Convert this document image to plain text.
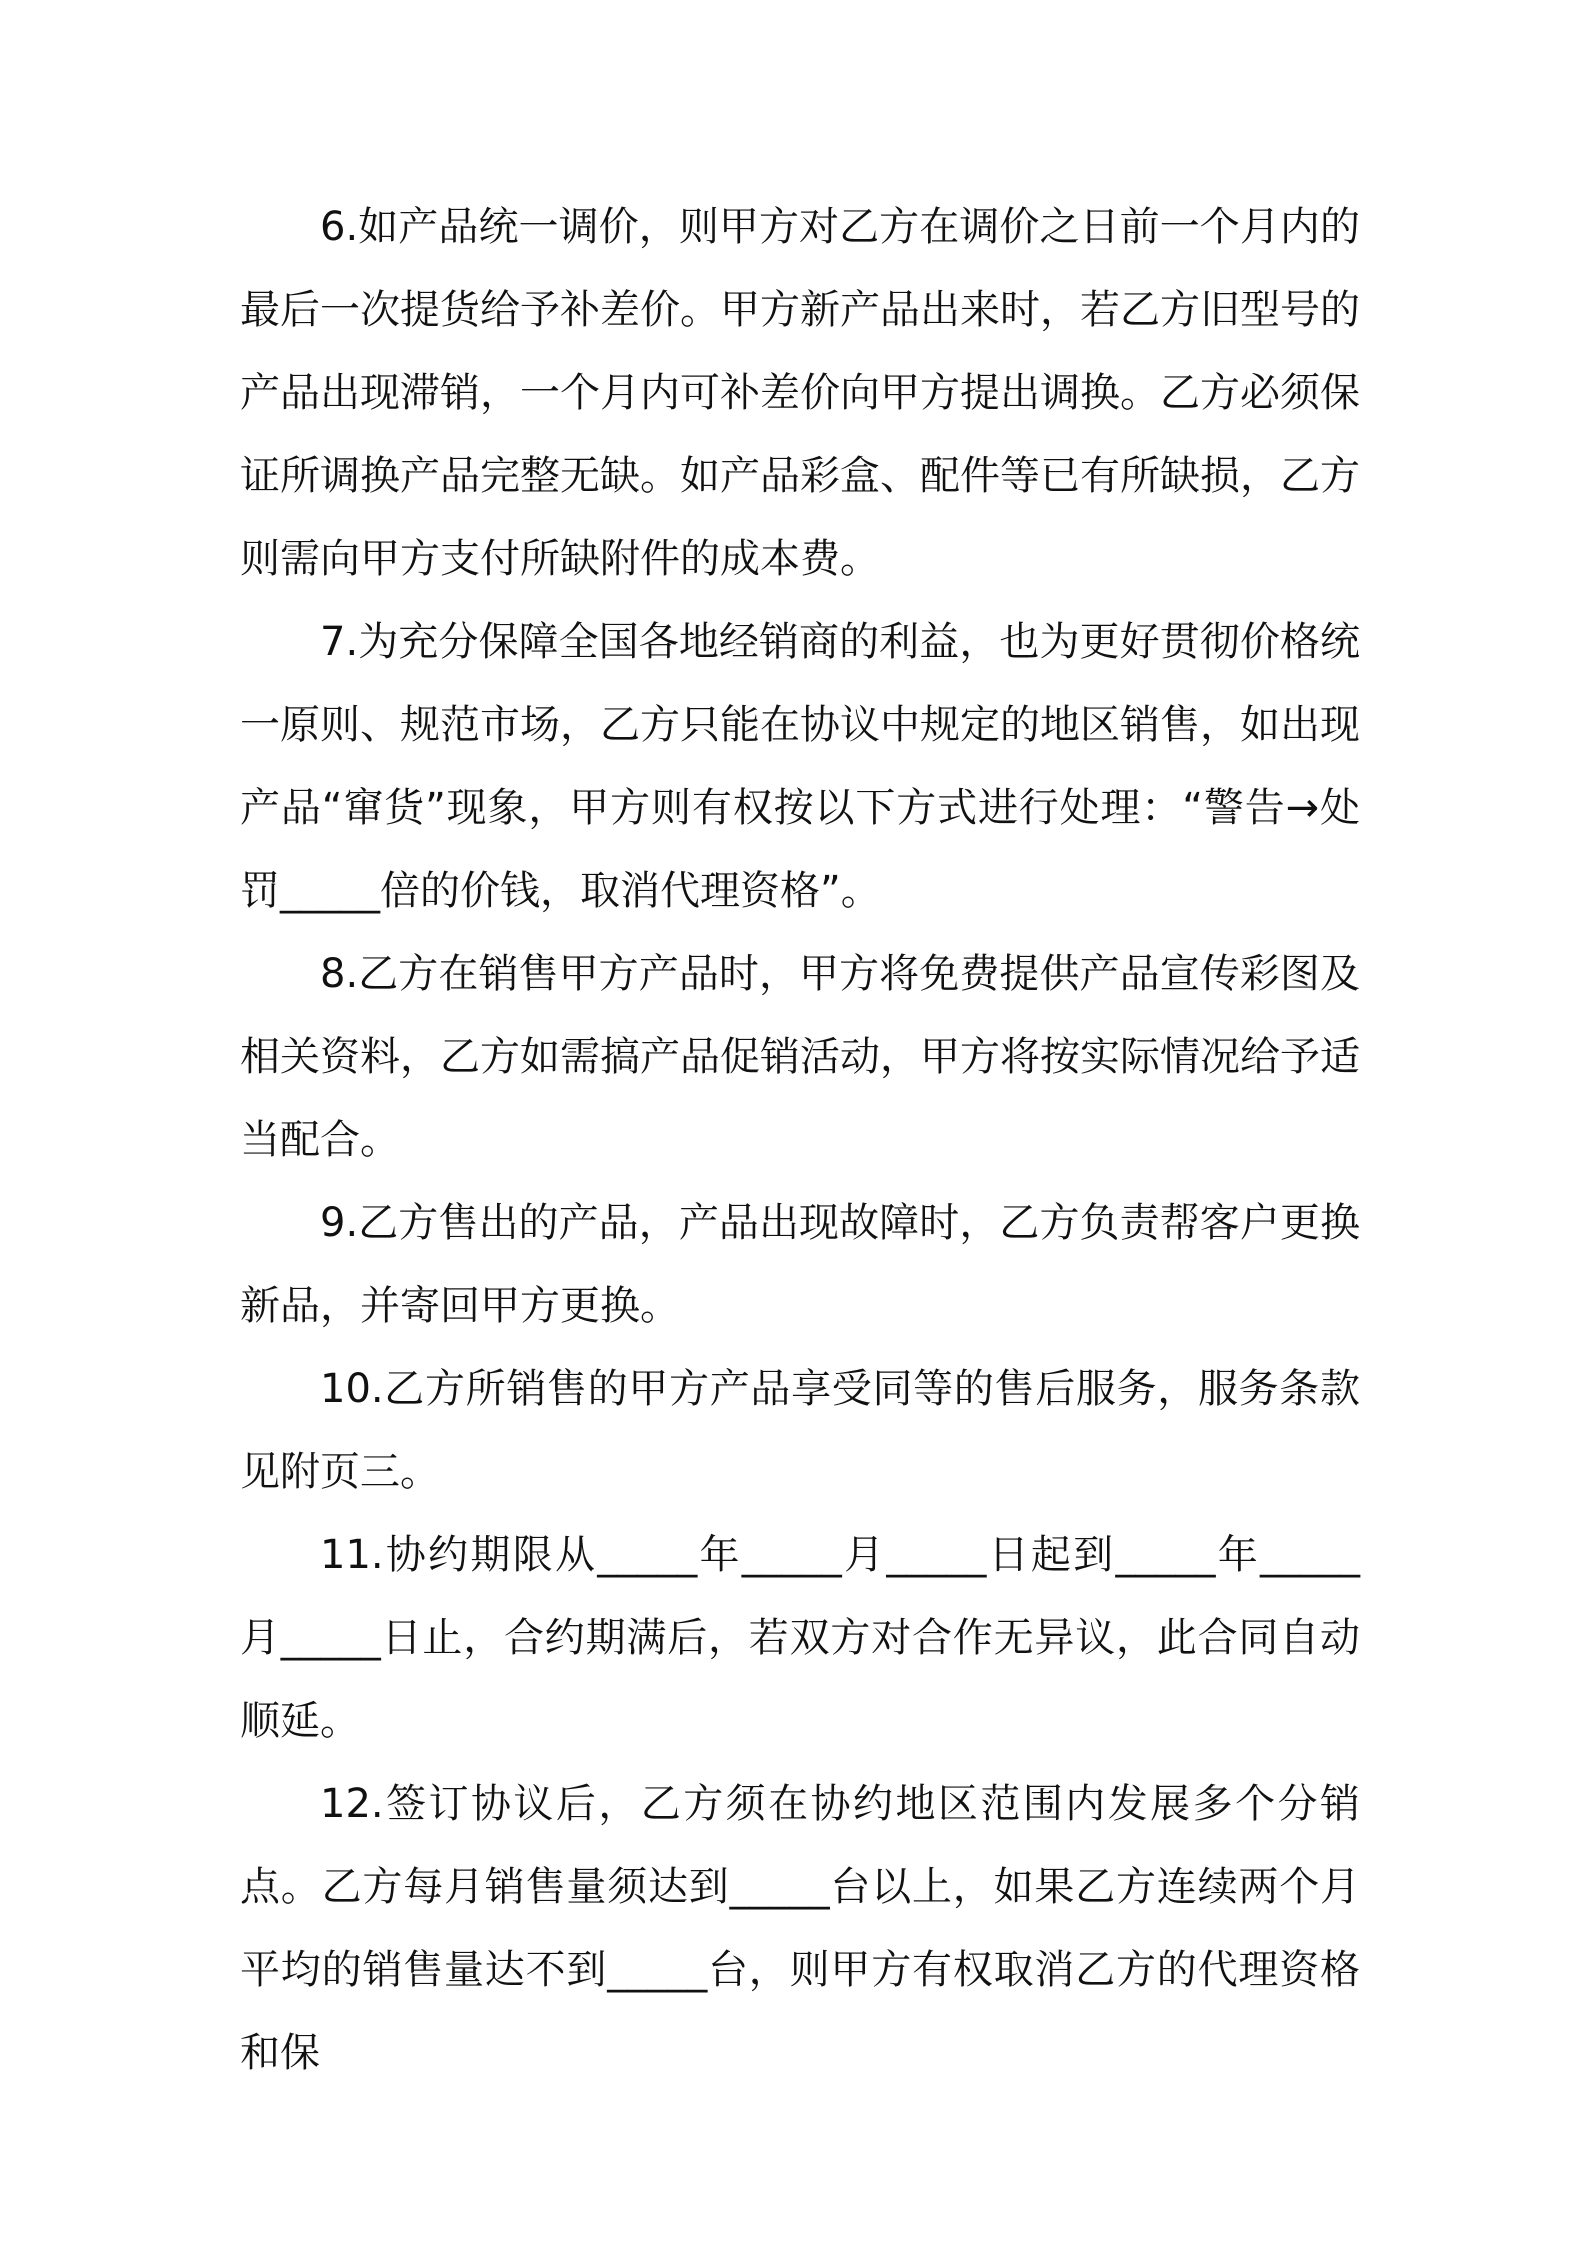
6.如产品统一调价，则甲方对乙方在调价之日前一个月内的最后一次提货给予补差价。甲方新产品出来时，若乙方旧型号的产品出现滞销，一个月内可补差价向甲方提出调换。乙方必须保证所调换产品完整无缺。如产品彩盒、配件等已有所缺损，乙方则需向甲方支付所缺附件的成本费。

7.为充分保障全国各地经销商的利益，也为更好贯彻价格统一原则、规范市场，乙方只能在协议中规定的地区销售，如出现产品“窜货”现象，甲方则有权按以下方式进行处理：“警告→处罚_____倍的价钱，取消代理资格”。

8.乙方在销售甲方产品时，甲方将免费提供产品宣传彩图及相关资料，乙方如需搞产品促销活动，甲方将按实际情况给予适当配合。

9.乙方售出的产品，产品出现故障时，乙方负责帮客户更换新品，并寄回甲方更换。

10.乙方所销售的甲方产品享受同等的售后服务，服务条款见附页三。

11.协约期限从_____年_____月_____日起到_____年_____月_____日止，合约期满后，若双方对合作无异议，此合同自动顺延。

12.签订协议后，乙方须在协约地区范围内发展多个分销点。乙方每月销售量须达到_____台以上，如果乙方连续两个月平均的销售量达不到_____台，则甲方有权取消乙方的代理资格和保
